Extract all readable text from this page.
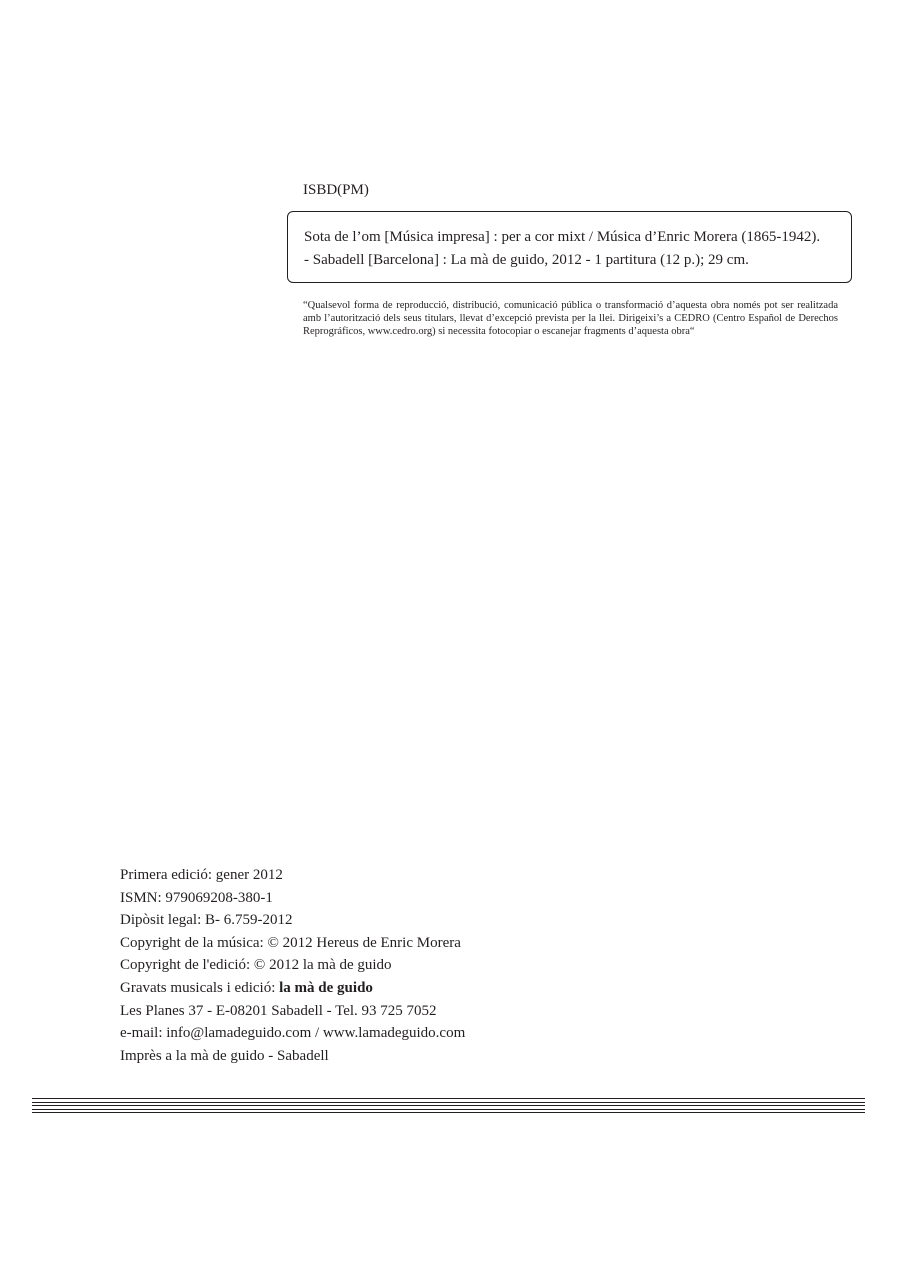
ISBD(PM)
Sota de l’om [Música impresa] : per a cor mixt / Música d’Enric Morera (1865-1942).
- Sabadell [Barcelona] : La mà de guido, 2012 - 1 partitura (12 p.); 29 cm.
“Qualsevol forma de reproducció, distribució, comunicació pública o transformació d’aquesta obra només pot ser realitzada amb l’autorització dels seus titulars, llevat d’excepció prevista per la llei. Dirigeixi’s a CEDRO (Centro Español de Derechos Reprográficos, www.cedro.org) si necessita fotocopiar o escanejar fragments d’aquesta obra“
Primera edició: gener 2012
ISMN: 979069208-380-1
Dipòsit legal: B- 6.759-2012
Copyright de la música: © 2012 Hereus de Enric Morera
Copyright de l'edició: © 2012 la mà de guido
Gravats musicals i edició: la mà de guido
Les Planes 37 - E-08201 Sabadell - Tel. 93 725 7052
e-mail: info@lamadeguido.com / www.lamadeguido.com
Imprès a la mà de guido - Sabadell
